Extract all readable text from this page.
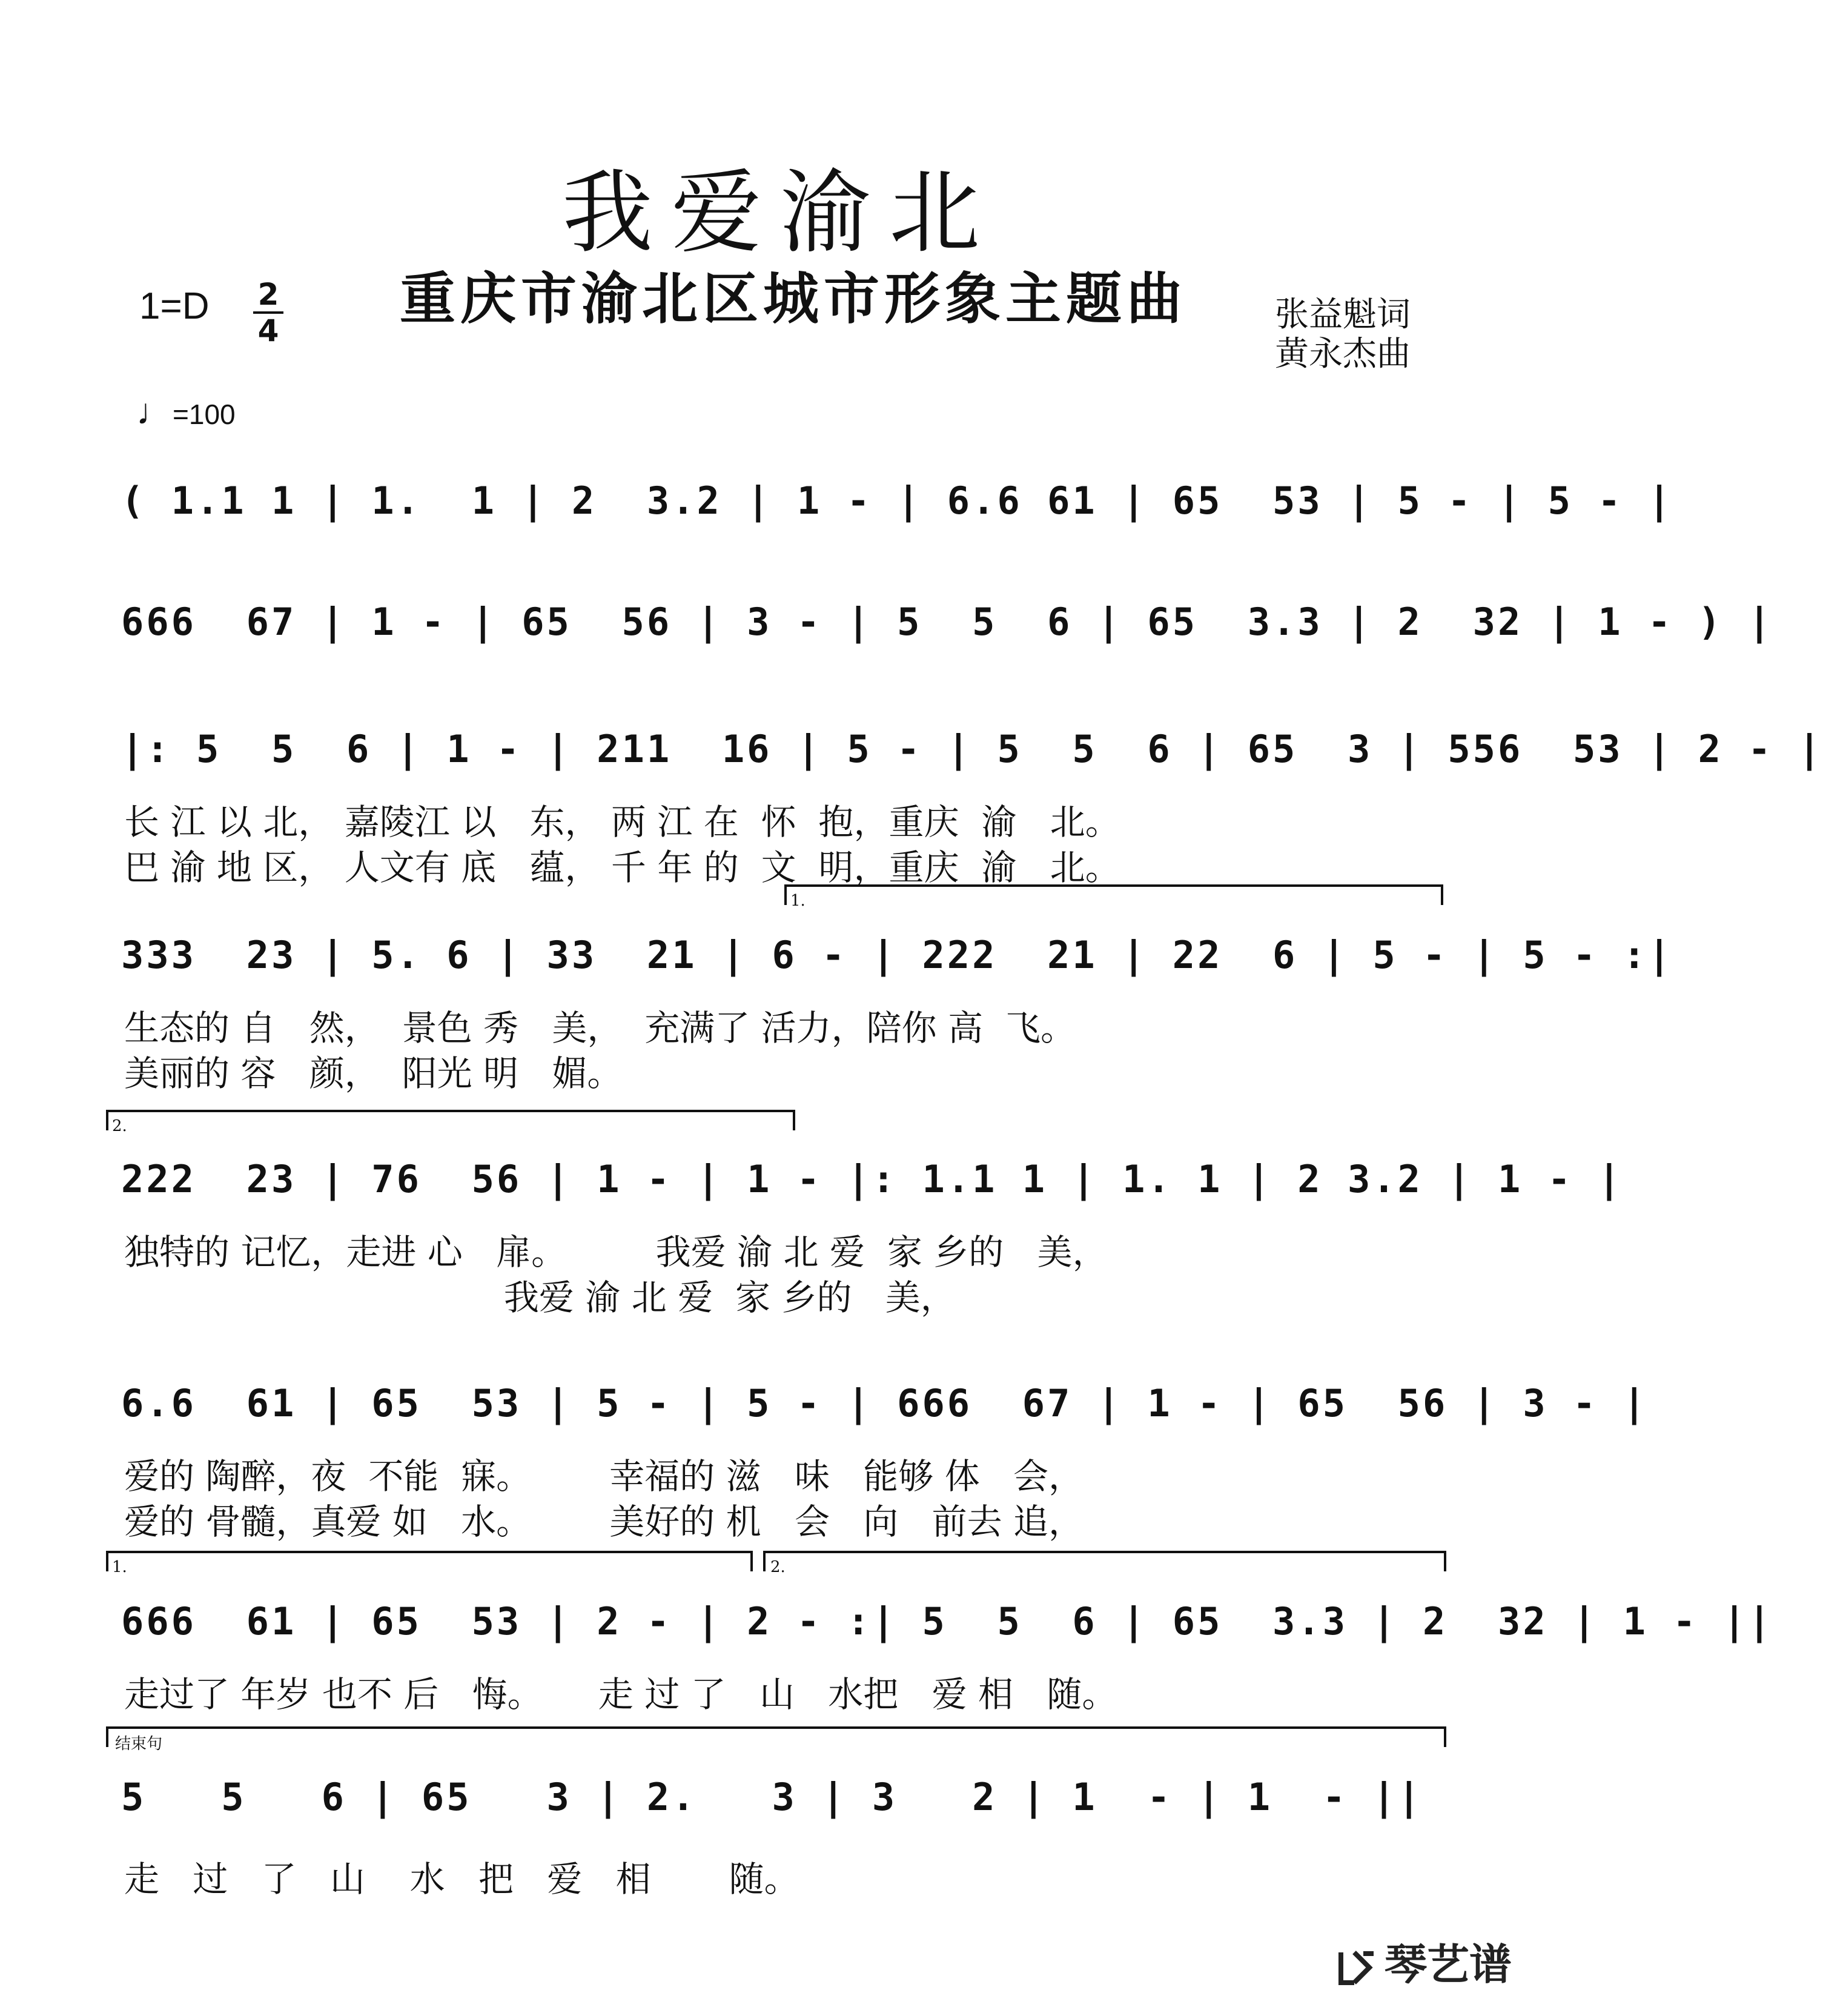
我爱渝北
重庆市渝北区城市形象主题曲
1=D 2
4	张益魁词
黄永杰曲
♩=100
( 1.1 1 | 1.  1 | 2  3.2 | 1 - | 6.6 61 | 65  53 | 5 - | 5 - |
666  67 | 1 - | 65  56 | 3 - | 5  5  6 | 65  3.3 | 2  32 | 1 - ) |
|: 5  5  6 | 1 - | 211  16 | 5 - | 5  5  6 | 65  3 | 556  53 | 2 - |
长 江 以 北， 嘉陵江 以   东， 两 江 在  怀  抱，重庆  渝   北。
巴 渝 地 区， 人文有 底   蕴， 千 年 的  文  明，重庆  渝   北。
1.
333  23 | 5. 6 | 33  21 | 6 - | 222  21 | 22  6 | 5 - | 5 - :|
生态的 自   然，  景色 秀   美，  充满了 活力，陪你 高  飞。
美丽的 容   颜，  阳光 明   媚。
2.
222  23 | 76  56 | 1 - | 1 - |: 1.1 1 | 1. 1 | 2 3.2 | 1 - |
独特的 记忆，走进 心   扉。        我爱 渝 北 爱  家 乡的   美，
我爱 渝 北 爱  家 乡的   美，
6.6  61 | 65  53 | 5 - | 5 - | 666  67 | 1 - | 65  56 | 3 - |
爱的 陶醉，夜  不能  寐。       幸福的 滋   味   能够 体   会，
爱的 骨髓，真爱 如   水。       美好的 机   会   向   前去 追，
1.	2.
666  61 | 65  53 | 2 - | 2 - :| 5  5  6 | 65  3.3 | 2  32 | 1 - ||
走过了 年岁 也不 后   悔。     走 过 了   山   水把   爱 相   随。
结束句
5   5   6 | 65   3 | 2.   3 | 3   2 | 1  - | 1  - ||
走   过   了   山    水   把   爱   相       随。
琴艺谱
